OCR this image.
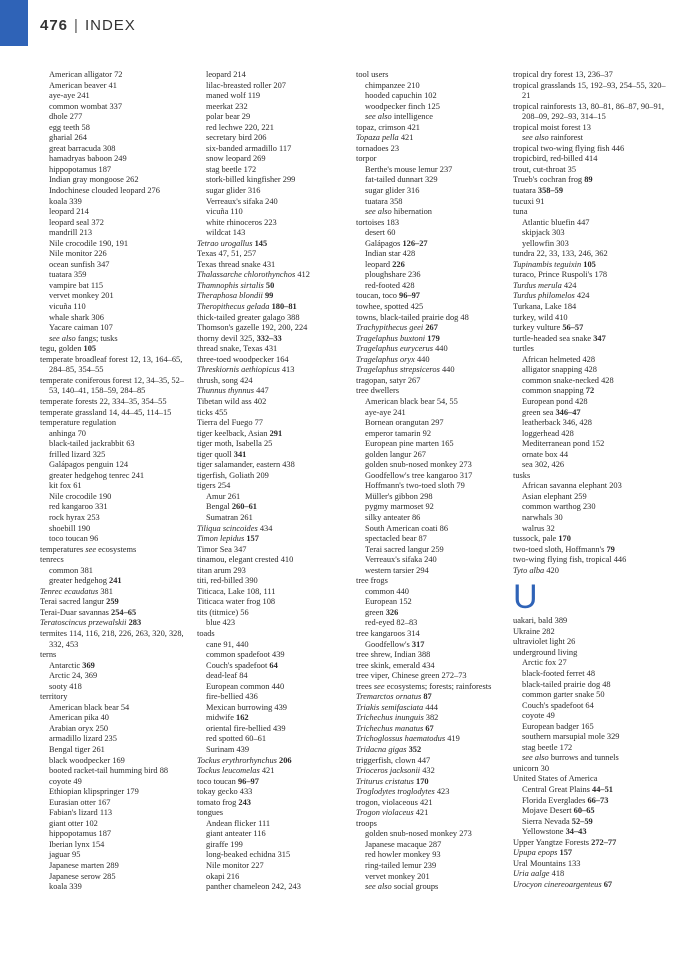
476 | INDEX
American alligator 72
American beaver 41
aye-aye 241
common wombat 337
dhole 277
egg teeth 58
gharial 264
great barracuda 308
hamadryas baboon 249
hippopotamus 187
Indian gray mongoose 262
Indochinese clouded leopard 276
koala 339
leopard 214
leopard seal 372
mandrill 213
Nile crocodile 190, 191
Nile monitor 226
ocean sunfish 347
tuatara 359
vampire bat 115
vervet monkey 201
vicuña 110
whale shark 306
Yacare caiman 107
see also fangs; tusks
tegu, golden 105
temperate broadleaf forest 12, 13, 164–65, 284–85, 354–55
temperate coniferous forest 12, 34–35, 52–53, 140–41, 158–59, 284–85
temperate forests 22, 334–35, 354–55
temperate grassland 14, 44–45, 114–15
temperature regulation
anhinga 70
black-tailed jackrabbit 63
frilled lizard 325
Galápagos penguin 124
greater hedgehog tenrec 241
kit fox 61
Nile crocodile 190
red kangaroo 331
rock hyrax 253
shoebill 190
toco toucan 96
temperatures see ecosystems
tenrecs
common 381
greater hedgehog 241
Tenrec ecaudatus 381
Terai sacred langur 259
Terai-Duar savannas 254–65
Teratoscincus przewalskii 283
termites 114, 116, 218, 226, 263, 320, 328, 332, 453
terns
Antarctic 369
Arctic 24, 369
sooty 418
territory
American black bear 54
American pika 40
Arabian oryx 250
armadillo lizard 235
Bengal tiger 261
black woodpecker 169
booted racket-tail humming bird 88
coyote 49
Ethiopian klipspringer 179
Eurasian otter 167
Fabian's lizard 113
giant otter 102
hippopotamus 187
Iberian lynx 154
jaguar 95
Japanese marten 289
Japanese serow 285
koala 339
leopard 214
lilac-breasted roller 207
maned wolf 119
meerkat 232
polar bear 29
red lechwe 220, 221
secretary bird 206
six-banded armadillo 117
snow leopard 269
stag beetle 172
stork-billed kingfisher 299
sugar glider 316
Verreaux's sifaka 240
vicuña 110
white rhinoceros 223
wildcat 143
Tetrao urogallus 145
Texas 47, 51, 257
Texas thread snake 431
Thalassarche chlorothynchos 412
Thamnophis sirtalis 50
Theraphosa blondii 99
Theropithecus gelada 180–81
thick-tailed greater galago 388
Thomson's gazelle 192, 200, 224
thorny devil 325, 332–33
thread snake, Texas 431
three-toed woodpecker 164
Threskiornis aethiopicus 413
thrush, song 424
Thunnus thynnus 447
Tibetan wild ass 402
ticks 455
Tierra del Fuego 77
tiger keelback, Asian 291
tiger moth, Isabella 25
tiger quoll 341
tiger salamander, eastern 438
tigerfish, Goliath 209
tigers 254
Amur 261
Bengal 260–61
Sumatran 261
Tiliqua scincoides 434
Timon lepidus 157
Timor Sea 347
tinamou, elegant crested 410
titan arum 293
titi, red-billed 390
Titicaca, Lake 108, 111
Titicaca water frog 108
tits (titmice) 56
blue 423
toads
cane 91, 440
common spadefoot 439
Couch's spadefoot 64
dead-leaf 84
European common 440
fire-bellied 436
Mexican burrowing 439
midwife 162
oriental fire-bellied 439
red spotted 60–61
Surinam 439
Tockus erythrorhynchus 206
Tockus leucomelas 421
toco toucan 96–97
tokay gecko 433
tomato frog 243
tongues
Andean flicker 111
giant anteater 116
giraffe 199
long-beaked echidna 315
Nile monitor 227
okapi 216
panther chameleon 242, 243
tool users
chimpanzee 210
hooded capuchin 102
woodpecker finch 125
see also intelligence
topaz, crimson 421
Topaza pella 421
tornadoes 23
torpor
Berthe's mouse lemur 237
fat-tailed dunnart 329
sugar glider 316
tuatara 358
see also hibernation
tortoises 183
desert 60
Galápagos 126–27
Indian star 428
leopard 226
ploughshare 236
red-footed 428
toucan, toco 96–97
towhee, spotted 425
towns, black-tailed prairie dog 48
Trachypithecus geei 267
Tragelaphus buxtoni 179
Tragelaphus eurycerus 440
Tragelaphus oryx 440
Tragelaphus strepsiceros 440
tragopan, satyr 267
tree dwellers
American black bear 54, 55
aye-aye 241
Bornean orangutan 297
emperor tamarin 92
European pine marten 165
golden langur 267
golden snub-nosed monkey 273
Goodfellow's tree kangaroo 317
Hoffmann's two-toed sloth 79
Müller's gibbon 298
pygmy marmoset 92
silky anteater 86
South American coati 86
spectacled bear 87
Terai sacred langur 259
Verreaux's sifaka 240
western tarsier 294
tree frogs
common 440
European 152
green 326
red-eyed 82–83
tree kangaroos 314
Goodfellow's 317
tree shrew, Indian 388
tree skink, emerald 434
tree viper, Chinese green 272–73
trees see ecosystems; forests; rainforests
Tremarctos ornatus 87
Triakis semifasciata 444
Trichechus inunguis 382
Trichechus manatus 67
Trichoglossus haematodus 419
Tridacna gigas 352
triggerfish, clown 447
Trioceros jacksonii 432
Triturus cristatus 170
Troglodytes troglodytes 423
trogon, violaceous 421
Trogon violaceus 421
troops
golden snub-nosed monkey 273
Japanese macaque 287
red howler monkey 93
ring-tailed lemur 239
vervet monkey 201
see also social groups
tropical dry forest 13, 236–37
tropical grasslands 15, 192–93, 254–55, 320–21
tropical rainforests 13, 80–81, 86–87, 90–91, 208–09, 292–93, 314–15
tropical moist forest 13
see also rainforest
tropical two-wing flying fish 446
tropicbird, red-billed 414
trout, cut-throat 35
Trueb's cochran frog 89
tuatara 358–59
tucuxi 91
tuna
Atlantic bluefin 447
skipjack 303
yellowfin 303
tundra 22, 33, 133, 246, 362
Tupinambis teguixin 105
turaco, Prince Ruspoli's 178
Turdus merula 424
Turdus philomelos 424
Turkana, Lake 184
turkey, wild 410
turkey vulture 56–57
turtle-headed sea snake 347
turtles
African helmeted 428
alligator snapping 428
common snake-necked 428
common snapping 72
European pond 428
green sea 346–47
leatherback 346, 428
loggerhead 428
Mediterranean pond 152
ornate box 44
sea 302, 426
tusks
African savanna elephant 203
Asian elephant 259
common warthog 230
narwhals 30
walrus 32
tussock, pale 170
two-toed sloth, Hoffmann's 79
two-wing flying fish, tropical 446
Tyto alba 420
U
uakari, bald 389
Ukraine 282
ultraviolet light 26
underground living
Arctic fox 27
black-footed ferret 48
black-tailed prairie dog 48
common garter snake 50
Couch's spadefoot 64
coyote 49
European badger 165
southern marsupial mole 329
stag beetle 172
see also burrows and tunnels
unicorn 30
United States of America
Central Great Plains 44–51
Florida Everglades 66–73
Mojave Desert 60–65
Sierra Nevada 52–59
Yellowstone 34–43
Upper Yangtze Forests 272–77
Upupa epops 157
Ural Mountains 133
Uria aalge 418
Urocyon cinereoargenteus 67
